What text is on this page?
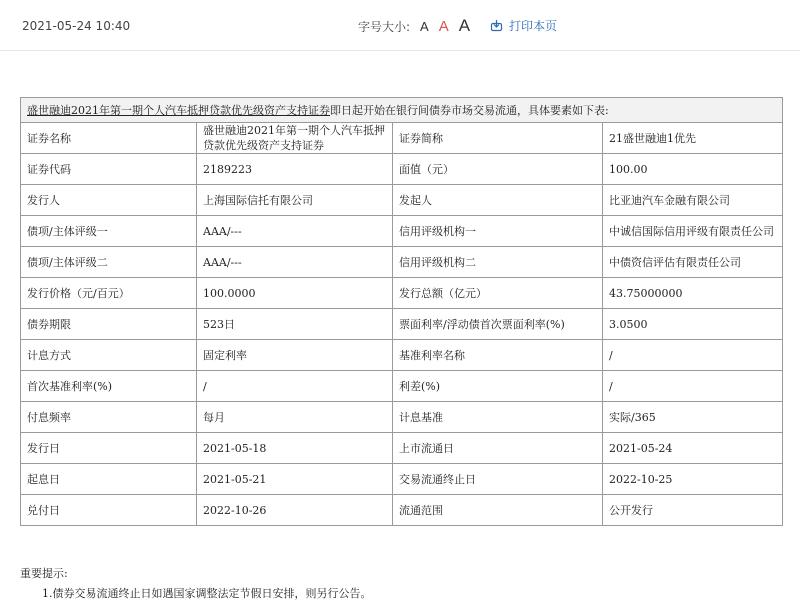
2021-05-24 10:40	字号大小: A A A	打印本页
盛世融迪2021年第一期个人汽车抵押贷款优先级资产支持证券即日起开始在银行间债券市场交易流通，具体要素如下表:			
证券名称	盛世融迪2021年第一期个人汽车抵押贷款优先级资产支持证券	证券简称	21盛世融迪1优先
证券代码	2189223	面值（元）	100.00
发行人	上海国际信托有限公司	发起人	比亚迪汽车金融有限公司
债项/主体评级一	AAA/---	信用评级机构一	中诚信国际信用评级有限责任公司
债项/主体评级二	AAA/---	信用评级机构二	中债资信评估有限责任公司
发行价格（元/百元）	100.0000	发行总额（亿元）	43.75000000
债券期限	523日	票面利率/浮动债首次票面利率(%)	3.0500
计息方式	固定利率	基准利率名称	/
首次基准利率(%)	/	利差(%)	/
付息频率	每月	计息基准	实际/365
发行日	2021-05-18	上市流通日	2021-05-24
起息日	2021-05-21	交易流通终止日	2022-10-25
兑付日	2022-10-26	流通范围	公开发行
重要提示:
1.债券交易流通终止日如遇国家调整法定节假日安排，则另行公告。
